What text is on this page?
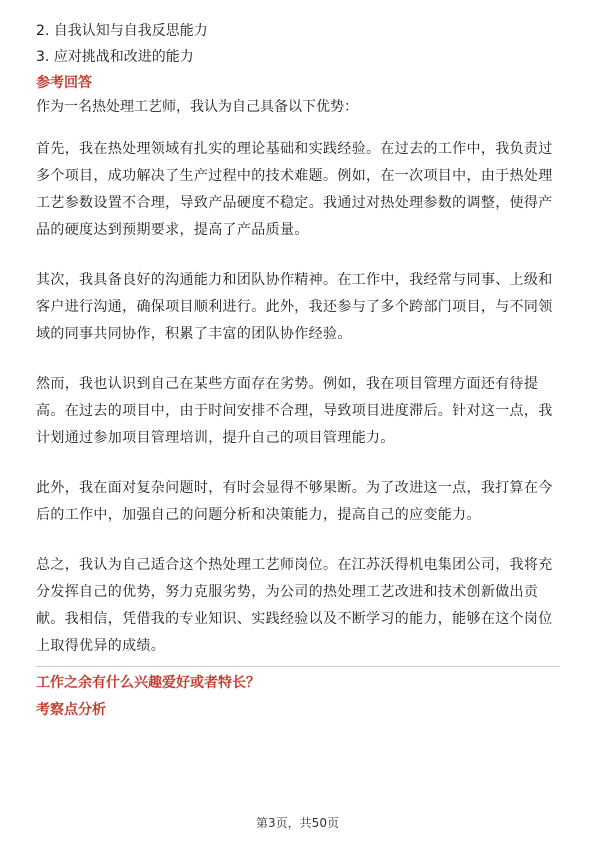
2. 自我认知与自我反思能力

3. 应对挑战和改进的能力

参考回答

作为一名热处理工艺师，我认为自己具备以下优势：

首先，我在热处理领域有扎实的理论基础和实践经验。在过去的工作中，我负责过

多个项目，成功解决了生产过程中的技术难题。例如，在一次项目中，由于热处理

工艺参数设置不合理，导致产品硬度不稳定。我通过对热处理参数的调整，使得产

品的硬度达到预期要求，提高了产品质量。

其次，我具备良好的沟通能力和团队协作精神。在工作中，我经常与同事、上级和

客户进行沟通，确保项目顺利进行。此外，我还参与了多个跨部门项目，与不同领

域的同事共同协作，积累了丰富的团队协作经验。

然而，我也认识到自己在某些方面存在劣势。例如，我在项目管理方面还有待提

高。在过去的项目中，由于时间安排不合理，导致项目进度滞后。针对这一点，我

计划通过参加项目管理培训，提升自己的项目管理能力。

此外，我在面对复杂问题时，有时会显得不够果断。为了改进这一点，我打算在今

后的工作中，加强自己的问题分析和决策能力，提高自己的应变能力。

总之，我认为自己适合这个热处理工艺师岗位。在江苏沃得机电集团公司，我将充

分发挥自己的优势，努力克服劣势，为公司的热处理工艺改进和技术创新做出贡

献。我相信，凭借我的专业知识、实践经验以及不断学习的能力，能够在这个岗位

上取得优异的成绩。

工作之余有什么兴趣爱好或者特长？

考察点分析

第3页，共50页
